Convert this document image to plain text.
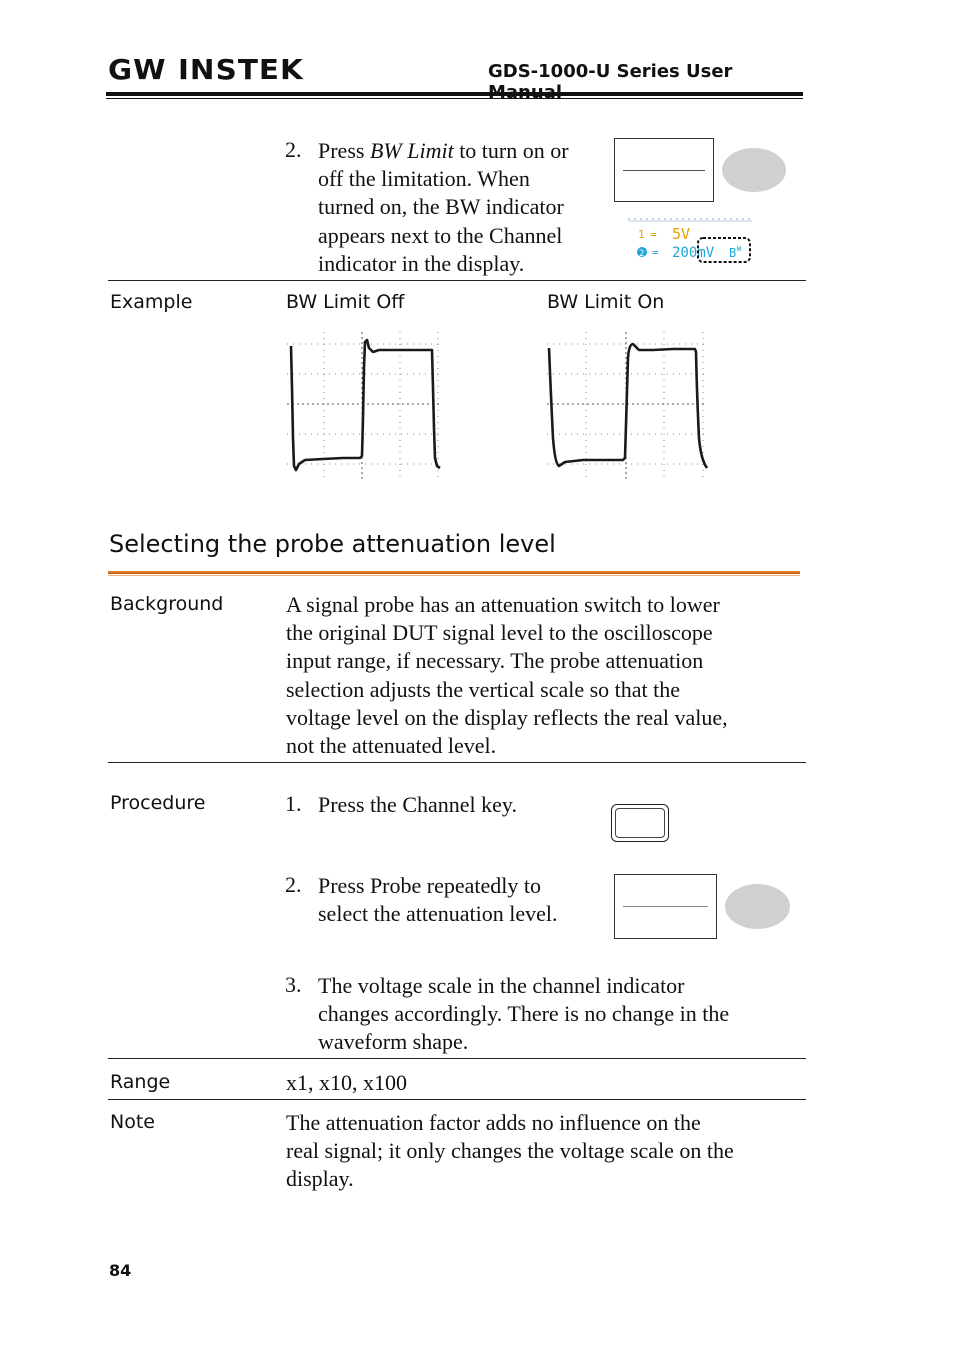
GW INSTEK	GDS-1000-U Series User
2. Press BW Limit to turn on or
off the limitation. When
turned on, the BW indicator
appears next to the Channel
indicator in the display.
1 = 5V
2 = 200mV B W
Example	BW Limit Off	BW Limit On
Selecting the probe attenuation level
Background	A signal probe has an attenuation switch to lower
the original DUT signal level to the oscilloscope
input range, if necessary. The probe attenuation
selection adjusts the vertical scale so that the
voltage level on the display reflects the real value,
not the attenuated level.
Procedure	1. Press the Channel key.
2. Press Probe repeatedly to
select the attenuation level.
3. The voltage scale in the channel indicator
changes accordingly. There is no change in the
waveform shape.
Range	x1, x10, x100
Note	The attenuation factor adds no influence on the
real signal; it only changes the voltage scale on the
display.
84
